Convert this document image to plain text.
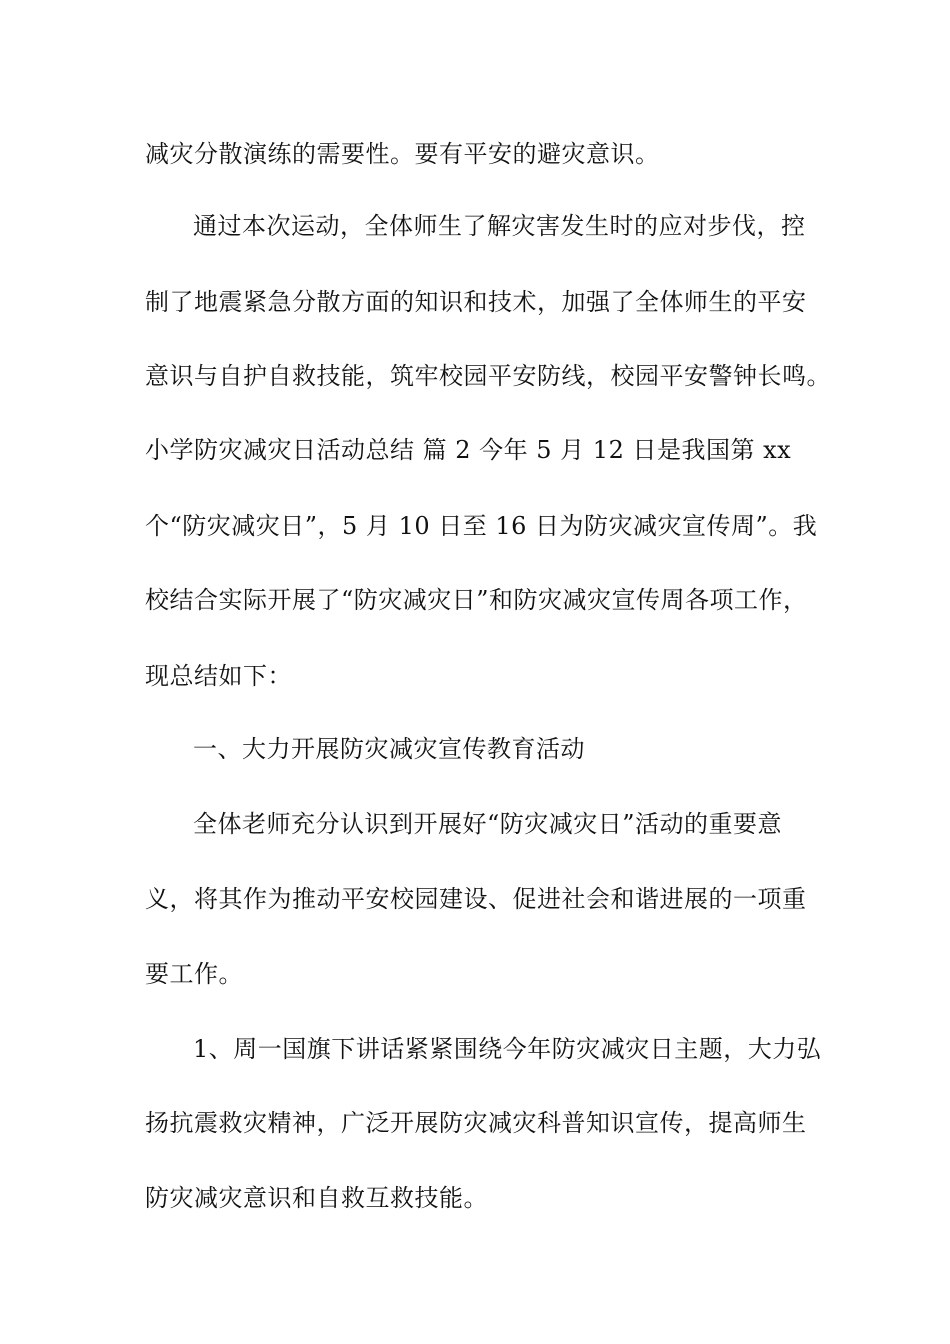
减灾分散演练的需要性。要有平安的避灾意识。
通过本次运动，全体师生了解灾害发生时的应对步伐，控
制了地震紧急分散方面的知识和技术，加强了全体师生的平安
意识与自护自救技能，筑牢校园平安防线，校园平安警钟长鸣。
小学防灾减灾日活动总结 篇 2 今年 5 月 12 日是我国第 xx
个“防灾减灾日”，5 月 10 日至 16 日为防灾减灾宣传周”。我
校结合实际开展了“防灾减灾日”和防灾减灾宣传周各项工作，
现总结如下：
一、大力开展防灾减灾宣传教育活动
全体老师充分认识到开展好“防灾减灾日”活动的重要意
义，将其作为推动平安校园建设、促进社会和谐进展的一项重
要工作。
1、周一国旗下讲话紧紧围绕今年防灾减灾日主题，大力弘
扬抗震救灾精神，广泛开展防灾减灾科普知识宣传，提高师生
防灾减灾意识和自救互救技能。
